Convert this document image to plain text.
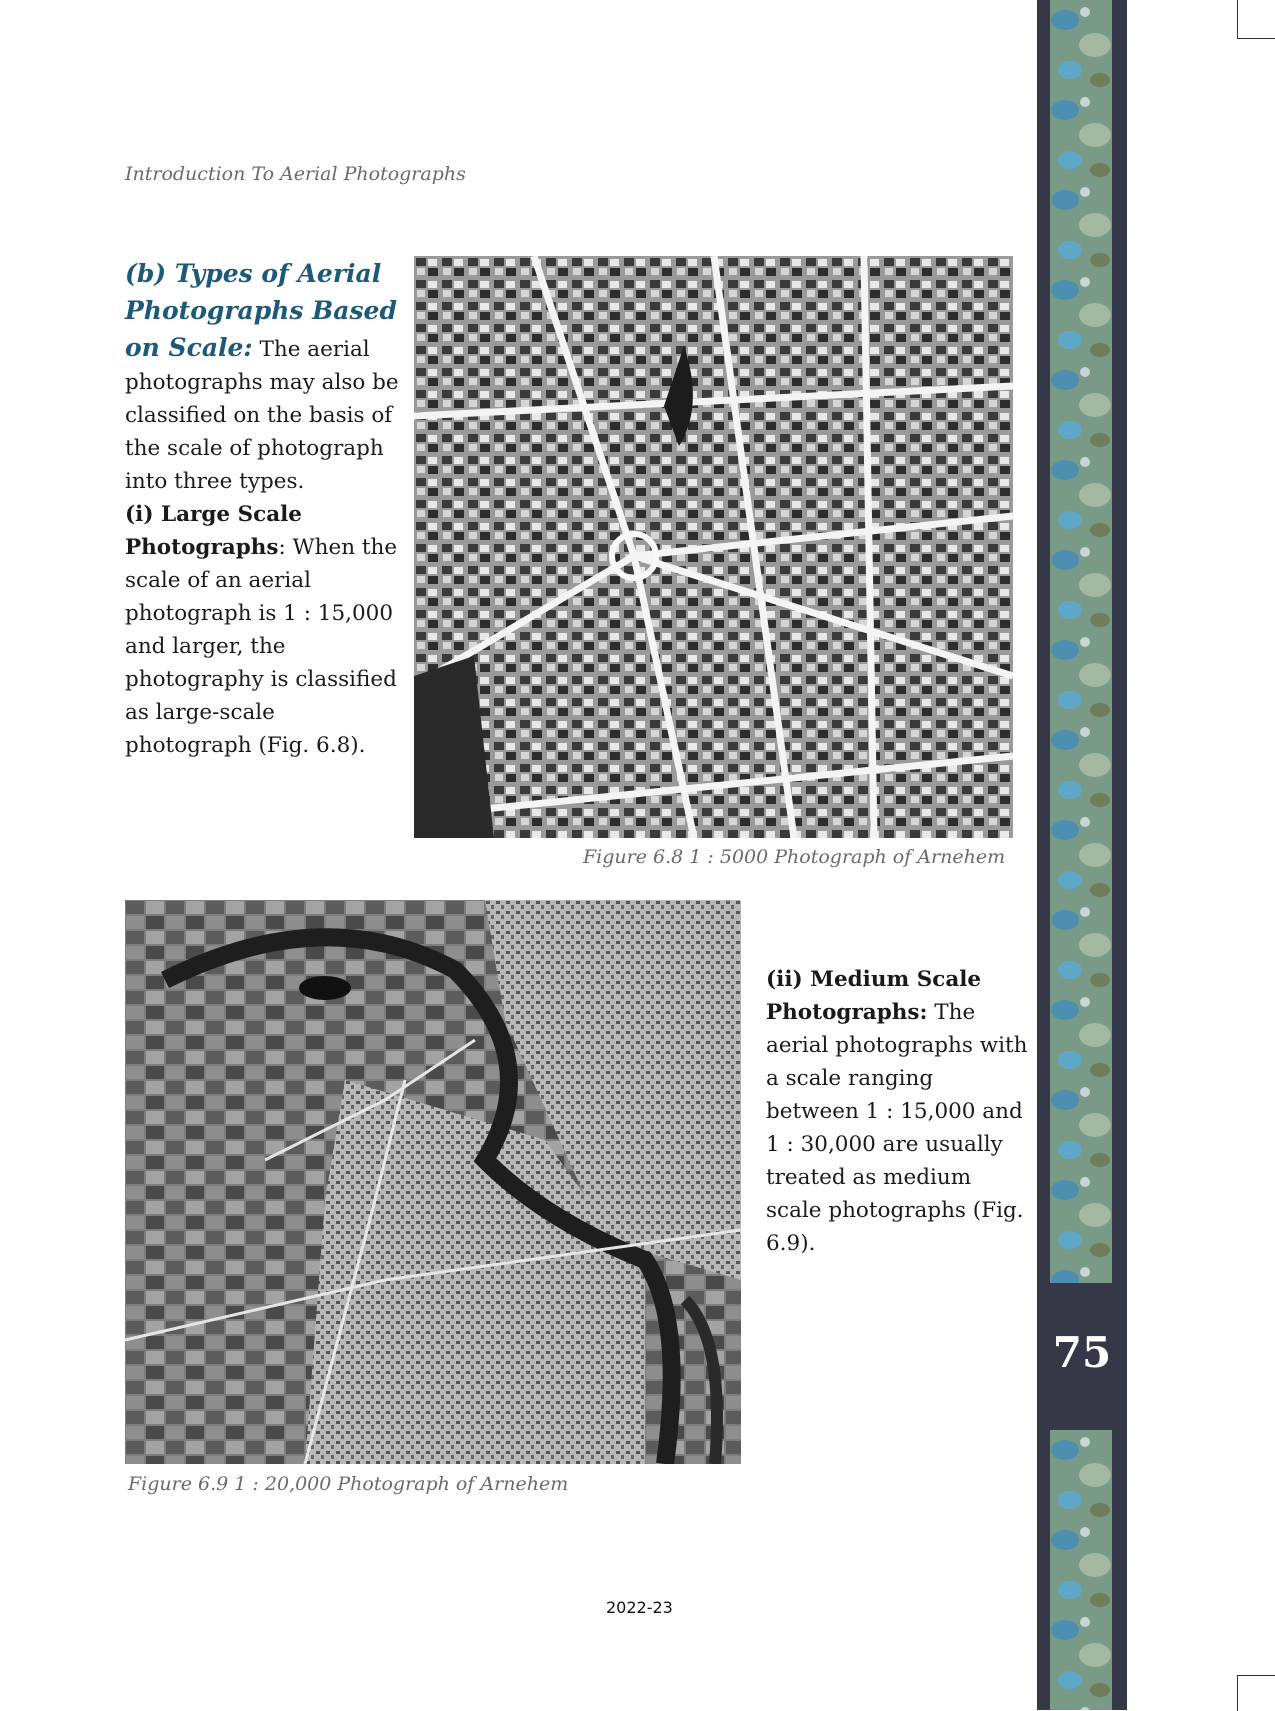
Introduction To Aerial Photographs
(b) Types of Aerial Photographs Based on Scale: The aerial photographs may also be classified on the basis of the scale of photograph into three types.
(i) Large Scale Photographs: When the scale of an aerial photograph is 1 : 15,000 and larger, the photography is classified as large-scale photograph (Fig. 6.8).
Figure 6.8 1 : 5000 Photograph of Arnehem
Figure 6.9 1 : 20,000 Photograph of Arnehem
(ii) Medium Scale Photographs: The aerial photographs with a scale ranging between 1 : 15,000 and 1 : 30,000 are usually treated as medium scale photographs (Fig. 6.9).
75
2022-23
